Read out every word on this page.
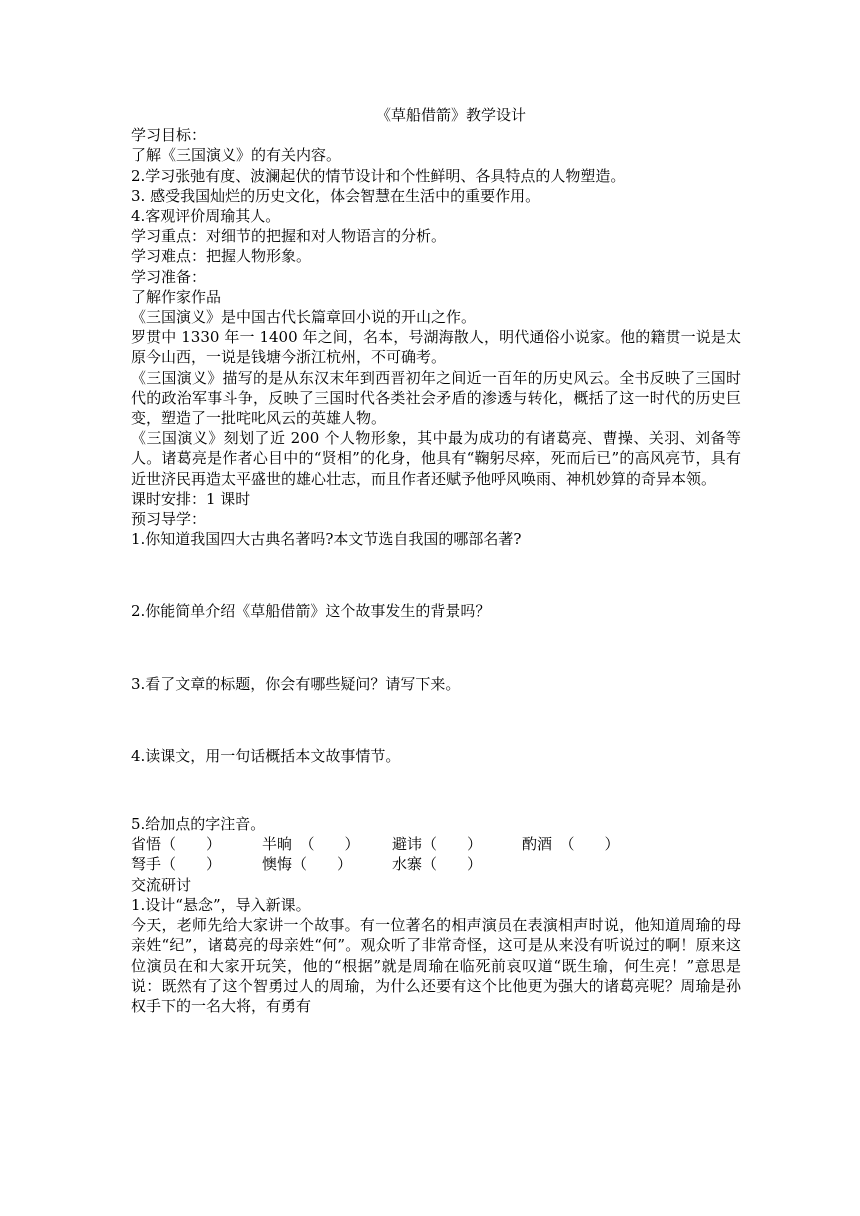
《草船借箭》教学设计

学习目标：

了解《三国演义》的有关内容。

2.学习张弛有度、波澜起伏的情节设计和个性鲜明、各具特点的人物塑造。

3. 感受我国灿烂的历史文化，体会智慧在生活中的重要作用。

4.客观评价周瑜其人。

学习重点：对细节的把握和对人物语言的分析。

学习难点：把握人物形象。

学习准备：

了解作家作品

《三国演义》是中国古代长篇章回小说的开山之作。

罗贯中 1330 年一 1400 年之间，名本，号湖海散人，明代通俗小说家。他的籍贯一说是太原今山西，一说是钱塘今浙江杭州，不可确考。

《三国演义》描写的是从东汉末年到西晋初年之间近一百年的历史风云。全书反映了三国时代的政治军事斗争，反映了三国时代各类社会矛盾的渗透与转化，概括了这一时代的历史巨变，塑造了一批咤叱风云的英雄人物。

《三国演义》刻划了近 200 个人物形象，其中最为成功的有诸葛亮、曹操、关羽、刘备等人。诸葛亮是作者心目中的“贤相”的化身，他具有“鞠躬尽瘁，死而后已”的高风亮节，具有近世济民再造太平盛世的雄心壮志，而且作者还赋予他呼风唤雨、神机妙算的奇异本领。

课时安排：1 课时

预习导学：

1.你知道我国四大古典名著吗?本文节选自我国的哪部名著?

2.你能简单介绍《草船借箭》这个故事发生的背景吗？

3.看了文章的标题，你会有哪些疑问？请写下来。

4.读课文，用一句话概括本文故事情节。

5.给加点的字注音。

省悟（　　）	半晌　（　　）	避讳（　　）	酌酒　（　　）
弩手（　　）	懊悔（　　）	水寨（　　）

交流研讨

1.设计“悬念”，导入新课。

今天，老师先给大家讲一个故事。有一位著名的相声演员在表演相声时说，他知道周瑜的母亲姓“纪”，诸葛亮的母亲姓“何”。观众听了非常奇怪，这可是从来没有听说过的啊！原来这位演员在和大家开玩笑，他的“根据”就是周瑜在临死前哀叹道“既生瑜，何生亮！”意思是说：既然有了这个智勇过人的周瑜，为什么还要有这个比他更为强大的诸葛亮呢？周瑜是孙权手下的一名大将，有勇有
